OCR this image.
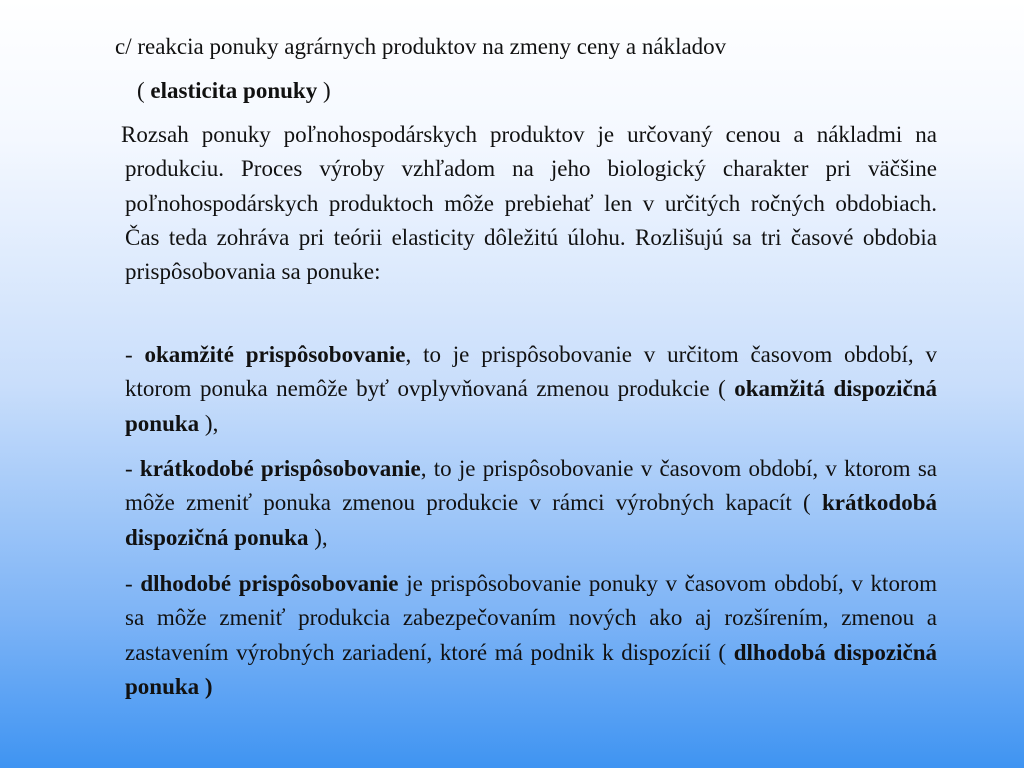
c/ reakcia ponuky agrárnych produktov na zmeny ceny a nákladov
( elasticita ponuky )
Rozsah ponuky poľnohospodárskych produktov je určovaný cenou a nákladmi na produkciu. Proces výroby vzhľadom na jeho biologický charakter pri väčšine poľnohospodárskych produktoch môže prebiehať len v určitých ročných obdobiach. Čas teda zohráva pri teórii elasticity dôležitú úlohu. Rozlišujú sa tri časové obdobia prispôsobovania sa ponuke:
- okamžité prispôsobovanie, to je prispôsobovanie v určitom časovom období, v ktorom ponuka nemôže byť ovplyvňovaná zmenou produkcie ( okamžitá dispozičná ponuka ),
- krátkodobé prispôsobovanie, to je prispôsobovanie v časovom období, v ktorom sa môže zmeniť ponuka zmenou produkcie v rámci výrobných kapacít ( krátkodobá dispozičná ponuka ),
- dlhodobé prispôsobovanie je prispôsobovanie ponuky v časovom období, v ktorom sa môže zmeniť produkcia zabezpečovaním nových ako aj rozšírením, zmenou a zastavením výrobných zariadení, ktoré má podnik k dispozícií ( dlhodobá dispozičná ponuka )
